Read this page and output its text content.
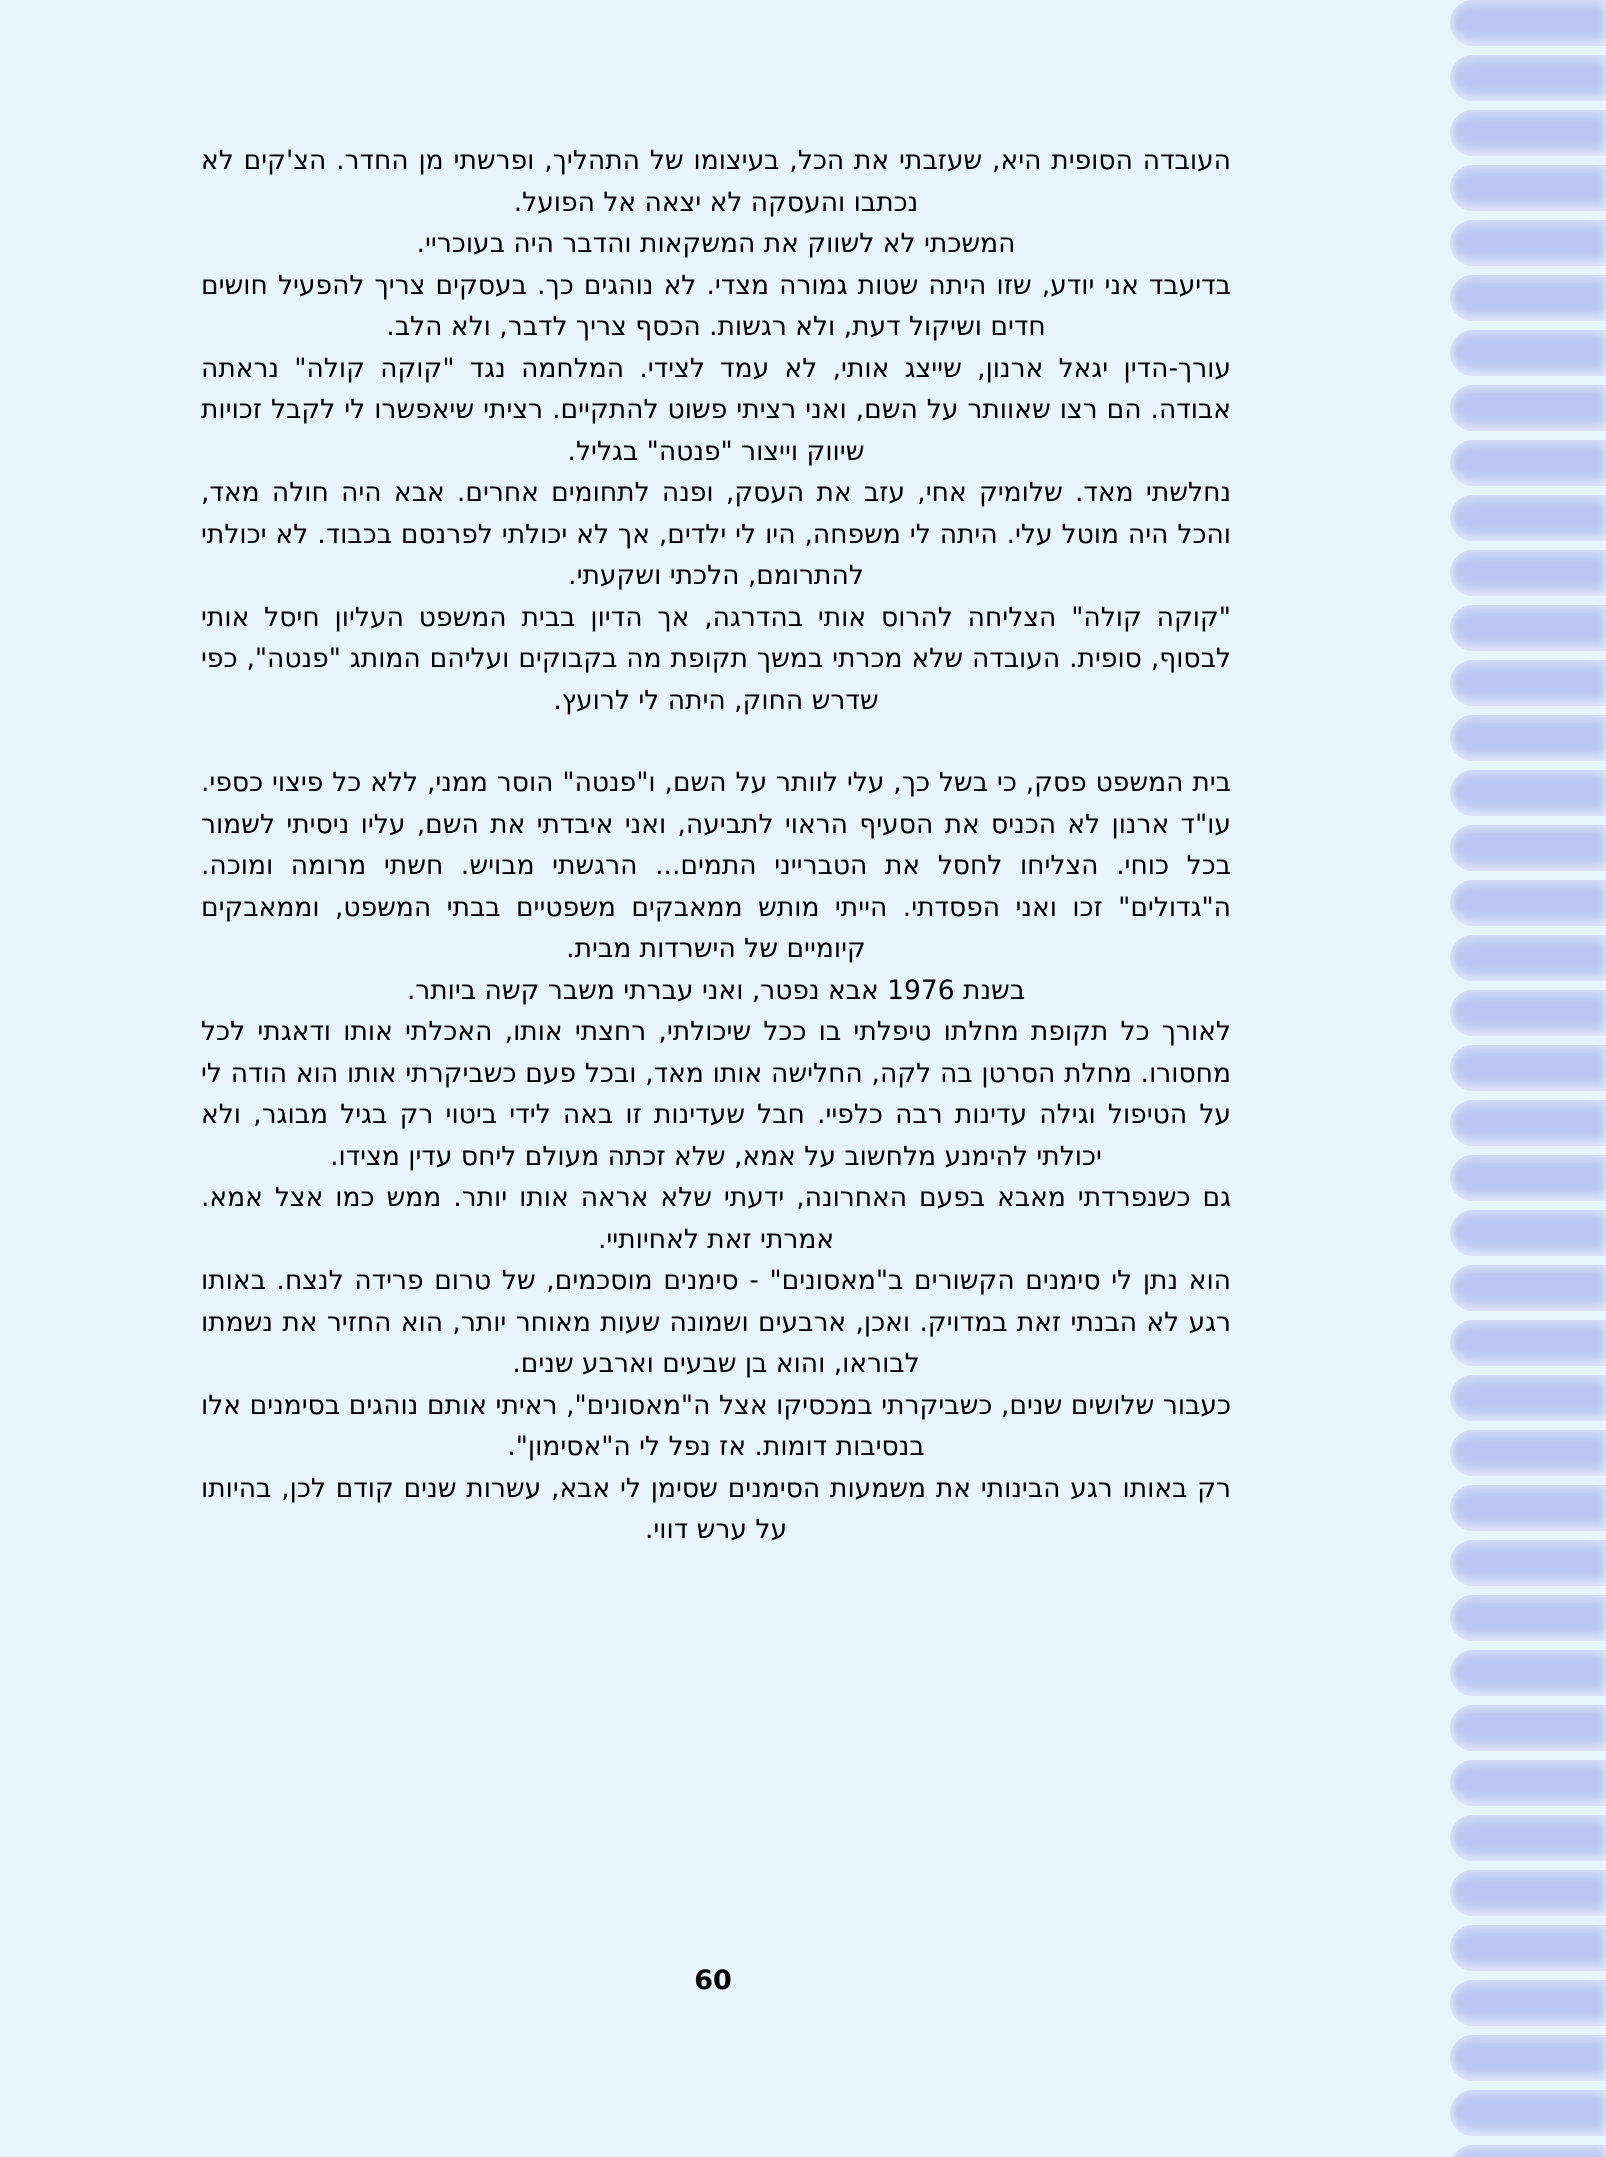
העובדה הסופית היא, שעזבתי את הכל, בעיצומו של התהליך, ופרשתי מן החדר. הצ'קים לא נכתבו והעסקה לא יצאה אל הפועל.

המשכתי לא לשווק את המשקאות והדבר היה בעוכריי.

בדיעבד אני יודע, שזו היתה שטות גמורה מצדי. לא נוהגים כך. בעסקים צריך להפעיל חושים חדים ושיקול דעת, ולא רגשות. הכסף צריך לדבר, ולא הלב.

עורך-הדין יגאל ארנון, שייצג אותי, לא עמד לצידי. המלחמה נגד "קוקה קולה" נראתה אבודה. הם רצו שאוותר על השם, ואני רציתי פשוט להתקיים. רציתי שיאפשרו לי לקבל זכויות שיווק וייצור "פנטה" בגליל.

נחלשתי מאד. שלומיק אחי, עזב את העסק, ופנה לתחומים אחרים. אבא היה חולה מאד, והכל היה מוטל עלי. היתה לי משפחה, היו לי ילדים, אך לא יכולתי לפרנסם בכבוד. לא יכולתי להתרומם, הלכתי ושקעתי.

"קוקה קולה" הצליחה להרוס אותי בהדרגה, אך הדיון בבית המשפט העליון חיסל אותי לבסוף, סופית. העובדה שלא מכרתי במשך תקופת מה בקבוקים ועליהם המותג "פנטה", כפי שדרש החוק, היתה לי לרועץ.

בית המשפט פסק, כי בשל כך, עלי לוותר על השם, ו"פנטה" הוסר ממני, ללא כל פיצוי כספי. עו"ד ארנון לא הכניס את הסעיף הראוי לתביעה, ואני איבדתי את השם, עליו ניסיתי לשמור בכל כוחי. הצליחו לחסל את הטברייני התמים... הרגשתי מבויש. חשתי מרומה ומוכה. ה"גדולים" זכו ואני הפסדתי. הייתי מותש ממאבקים משפטיים בבתי המשפט, וממאבקים קיומיים של הישרדות מבית.

בשנת 1976 אבא נפטר, ואני עברתי משבר קשה ביותר.

לאורך כל תקופת מחלתו טיפלתי בו ככל שיכולתי, רחצתי אותו, האכלתי אותו ודאגתי לכל מחסורו. מחלת הסרטן בה לקה, החלישה אותו מאד, ובכל פעם כשביקרתי אותו הוא הודה לי על הטיפול וגילה עדינות רבה כלפיי. חבל שעדינות זו באה לידי ביטוי רק בגיל מבוגר, ולא יכולתי להימנע מלחשוב על אמא, שלא זכתה מעולם ליחס עדין מצידו.

גם כשנפרדתי מאבא בפעם האחרונה, ידעתי שלא אראה אותו יותר. ממש כמו אצל אמא. אמרתי זאת לאחיותיי.

הוא נתן לי סימנים הקשורים ב"מאסונים" - סימנים מוסכמים, של טרום פרידה לנצח. באותו רגע לא הבנתי זאת במדויק. ואכן, ארבעים ושמונה שעות מאוחר יותר, הוא החזיר את נשמתו לבוראו, והוא בן שבעים וארבע שנים.

כעבור שלושים שנים, כשביקרתי במכסיקו אצל ה"מאסונים", ראיתי אותם נוהגים בסימנים אלו בנסיבות דומות. אז נפל לי ה"אסימון".

רק באותו רגע הבינותי את משמעות הסימנים שסימן לי אבא, עשרות שנים קודם לכן, בהיותו על ערש דווי.

60
